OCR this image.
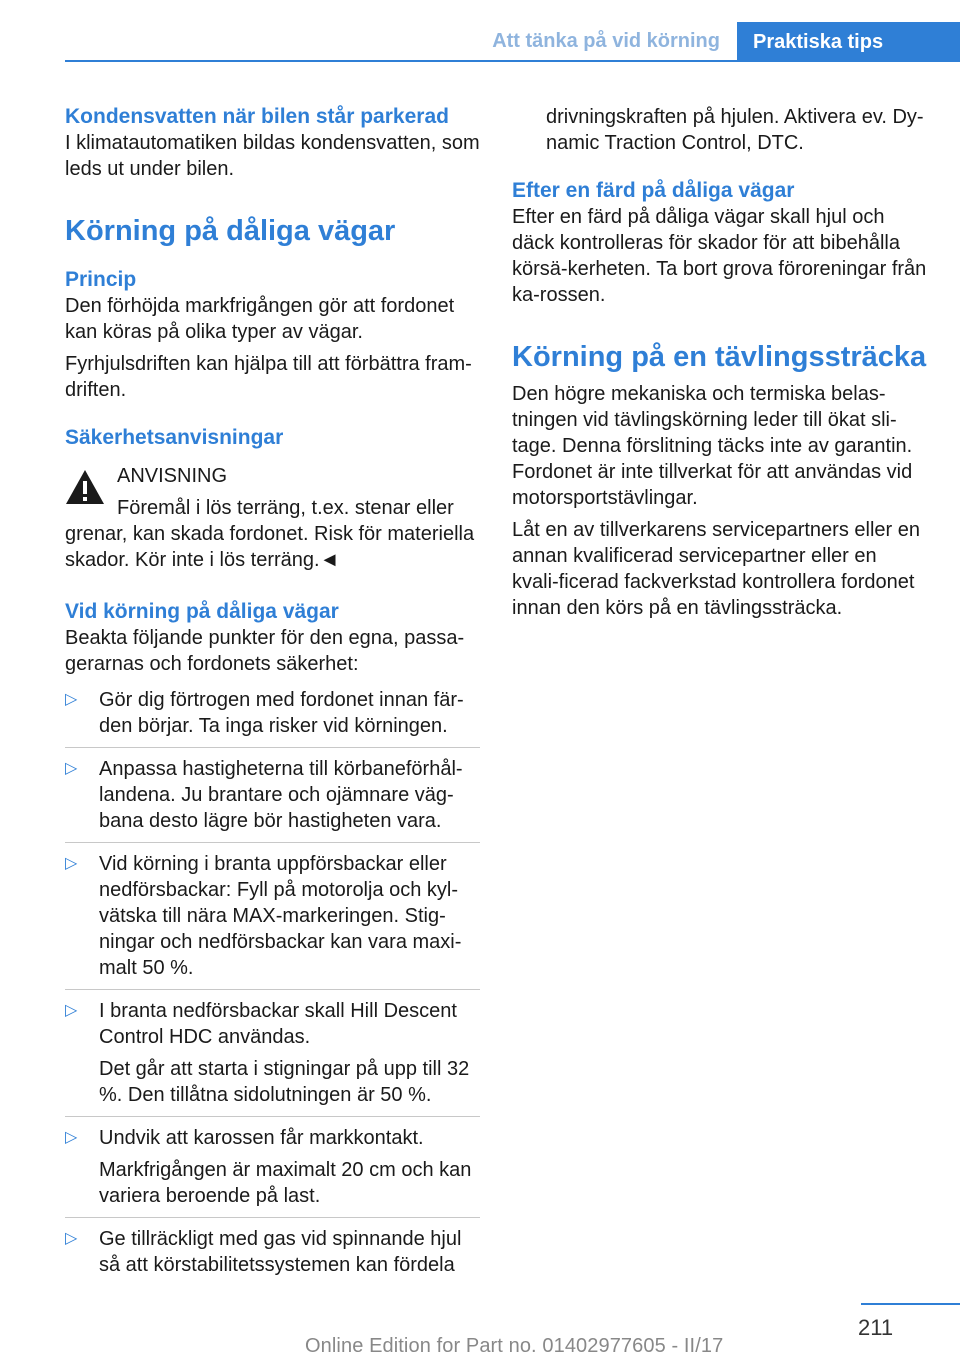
Att tänka på vid körning	Praktiska tips
Kondensvatten när bilen står parkerad

I klimatautomatiken bildas kondensvatten, som leds ut under bilen.

Körning på dåliga vägar
Princip

Den förhöjda markfrigången gör att fordonet kan köras på olika typer av vägar.

Fyrhjulsdriften kan hjälpa till att förbättra fram‐driften.

Säkerhetsanvisningar
ANVISNING
Föremål i lös terräng, t.ex. stenar eller

grenar, kan skada fordonet. Risk för materiella skador. Kör inte i lös terräng.◄

Vid körning på dåliga vägar

Beakta följande punkter för den egna, passa‐gerarnas och fordonets säkerhet:

▷ Gör dig förtrogen med fordonet innan fär‐den börjar. Ta inga risker vid körningen.

▷ Anpassa hastigheterna till körbaneförhål‐landena. Ju brantare och ojämnare väg‐bana desto lägre bör hastigheten vara.

▷ Vid körning i branta uppförsbackar eller nedförsbackar: Fyll på motorolja och kyl‐vätska till nära MAX-markeringen. Stig‐ningar och nedförsbackar kan vara maxi‐malt 50 %.

▷ I branta nedförsbackar skall Hill Descent Control HDC användas.

Det går att starta i stigningar på upp till 32 %. Den tillåtna sidolutningen är 50 %.

▷ Undvik att karossen får markkontakt.

Markfrigången är maximalt 20 cm och kan variera beroende på last.

▷ Ge tillräckligt med gas vid spinnande hjul så att körstabilitetssystemen kan fördela

drivningskraften på hjulen. Aktivera ev. Dy‐namic Traction Control, DTC.

Efter en färd på dåliga vägar

Efter en färd på dåliga vägar skall hjul och däck kontrolleras för skador för att bibehålla körsä‐kerheten. Ta bort grova föroreningar från ka‐rossen.

Körning på en tävlingssträcka

Den högre mekaniska och termiska belas‐tningen vid tävlingskörning leder till ökat sli‐tage. Denna förslitning täcks inte av garantin. Fordonet är inte tillverkat för att användas vid motorsportstävlingar.

Låt en av tillverkarens servicepartners eller en annan kvalificerad servicepartner eller en kvali‐ficerad fackverkstad kontrollera fordonet innan den körs på en tävlingssträcka.

211
Online Edition for Part no. 01402977605 - II/17
